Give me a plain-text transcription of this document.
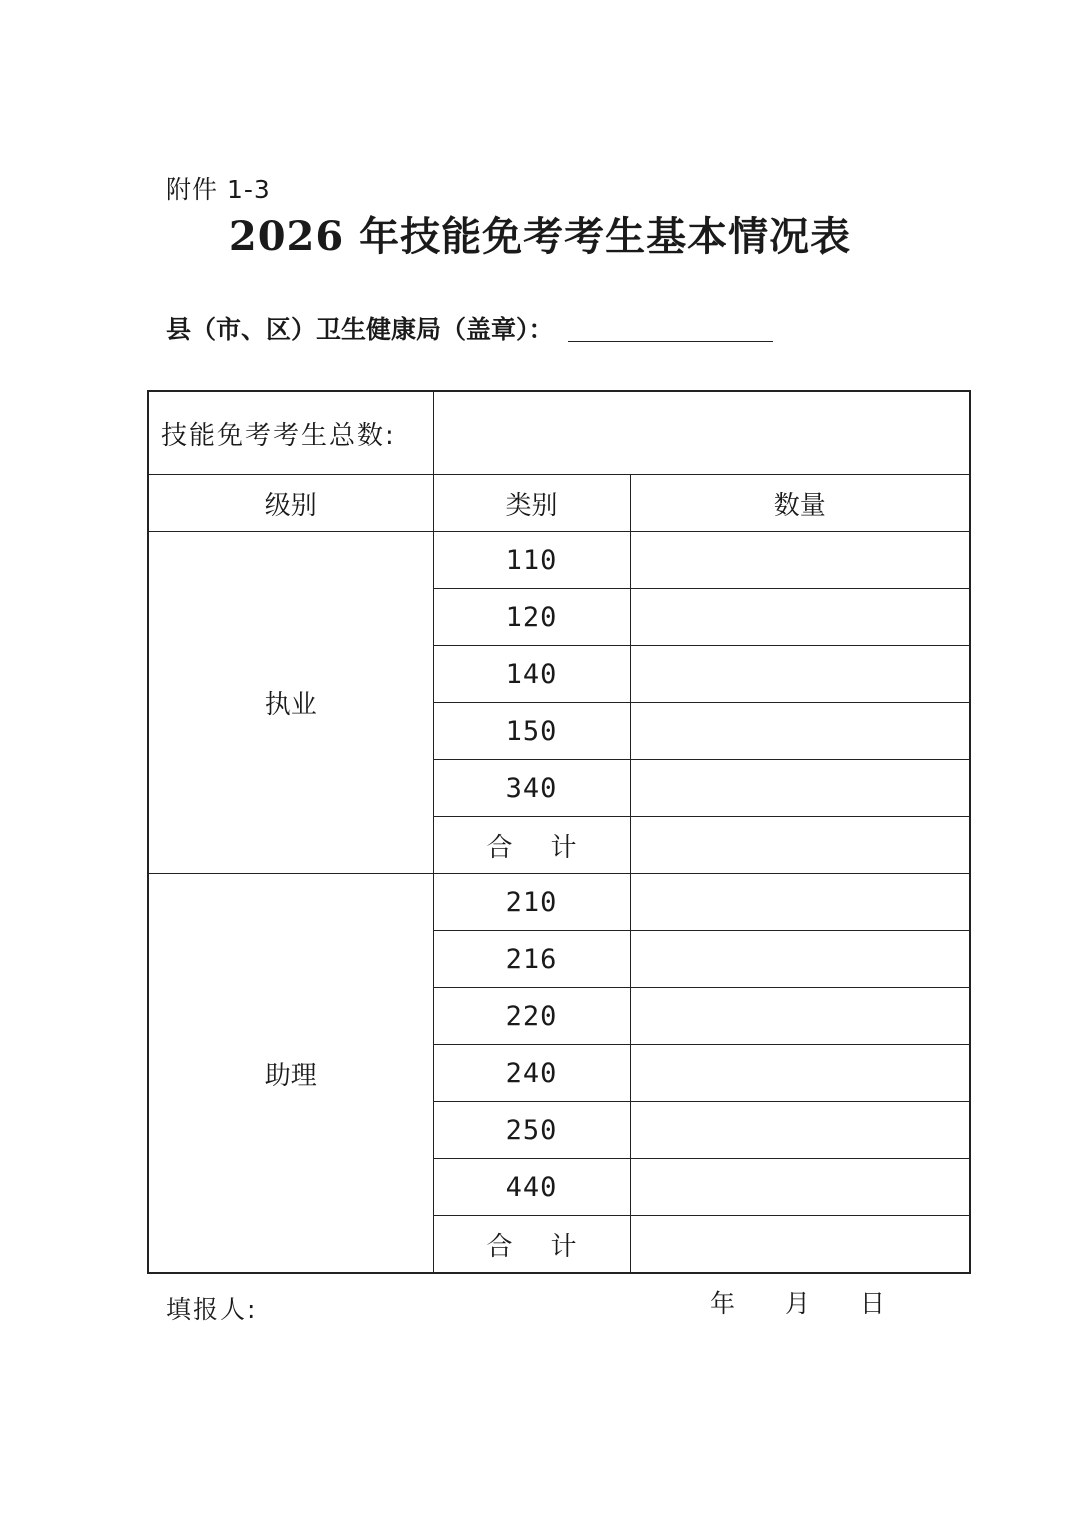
附件 1-3
2026 年技能免考考生基本情况表
县（市、区）卫生健康局（盖章）：
技能免考考生总数:		
级别	类别	数量
执业	110	
	120	
	140	
	150	
	340	
	合 计	
助理	210	
	216	
	220	
	240	
	250	
	440	
	合 计	
填报人:	年 月 日
